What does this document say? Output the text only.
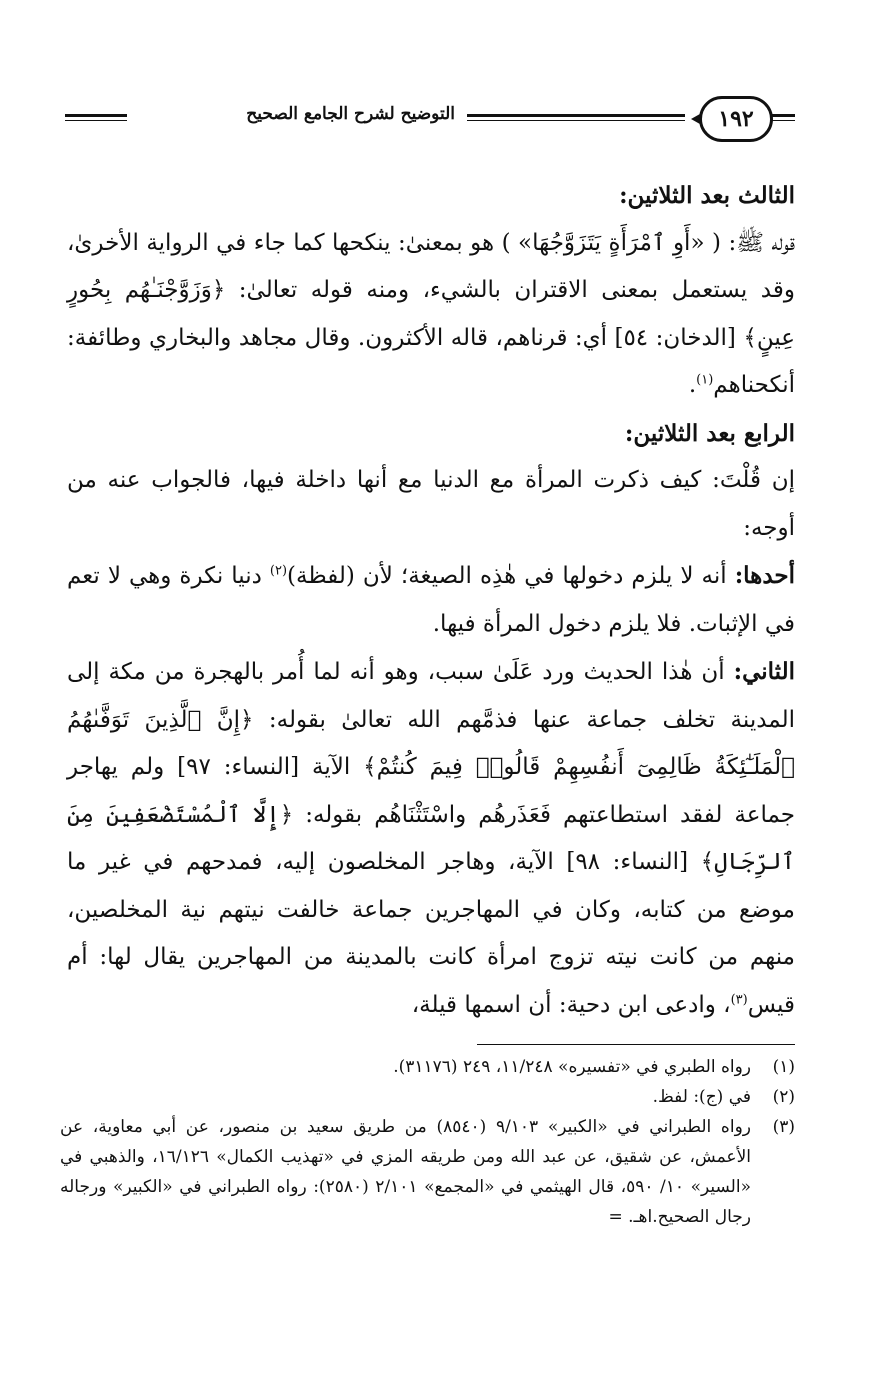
١٩٢
التوضيح لشرح الجامع الصحيح

الثالث بعد الثلاثين:

قوله ﷺ: ( «أَوِ ٱمْرَأَةٍ يَتَزَوَّجُهَا» ) هو بمعنىٰ: ينكحها كما جاء في الرواية الأخرىٰ، وقد يستعمل بمعنى الاقتران بالشيء، ومنه قوله تعالىٰ: ﴿وَزَوَّجْنَـٰهُم بِحُورٍ عِينٍ﴾ [الدخان: ٥٤] أي: قرناهم، قاله الأكثرون. وقال مجاهد والبخاري وطائفة: أنكحناهم$^{(١)}$.

الرابع بعد الثلاثين:

إن قُلْتَ: كيف ذكرت المرأة مع الدنيا مع أنها داخلة فيها، فالجواب عنه من أوجه:

أحدها: أنه لا يلزم دخولها في هٰذِه الصيغة؛ لأن (لفظة)$^{(٢)}$ دنيا نكرة وهي لا تعم في الإثبات. فلا يلزم دخول المرأة فيها.

الثاني: أن هٰذا الحديث ورد عَلَىٰ سبب، وهو أنه لما أُمر بالهجرة من مكة إلى المدينة تخلف جماعة عنها فذمَّهم الله تعالىٰ بقوله: ﴿إِنَّ ٱلَّذِينَ تَوَفَّىٰهُمُ ٱلْمَلَـٰٓئِكَةُ ظَالِمِىٓ أَنفُسِهِمْ قَالُوا۟ فِيمَ كُنتُمْ﴾ الآية [النساء: ٩٧] ولم يهاجر جماعة لفقد استطاعتهم فَعَذَرهُم واسْتَثْنَاهُم بقوله: ﴿إِلَّا ٱلْمُسْتَضْعَفِينَ مِنَ ٱلرِّجَالِ﴾ [النساء: ٩٨] الآية، وهاجر المخلصون إليه، فمدحهم في غير ما موضع من كتابه، وكان في المهاجرين جماعة خالفت نيتهم نية المخلصين، منهم من كانت نيته تزوج امرأة كانت بالمدينة من المهاجرين يقال لها: أم قيس$^{(٣)}$، وادعى ابن دحية: أن اسمها قيلة،

(١)
رواه الطبري في «تفسيره» ١١/٢٤٨، ٢٤٩ (٣١١٧٦).
(٢)
في (ج): لفظ.
(٣)
رواه الطبراني في «الكبير» ٩/١٠٣ (٨٥٤٠) من طريق سعيد بن منصور، عن أبي معاوية، عن الأعمش، عن شقيق، عن عبد الله ومن طريقه المزي في «تهذيب الكمال» ١٦/١٢٦، والذهبي في «السير» ١٠/ ٥٩٠، قال الهيثمي في «المجمع» ٢/١٠١ (٢٥٨٠): رواه الطبراني في «الكبير» ورجاله رجال الصحيح.اهـ. =
